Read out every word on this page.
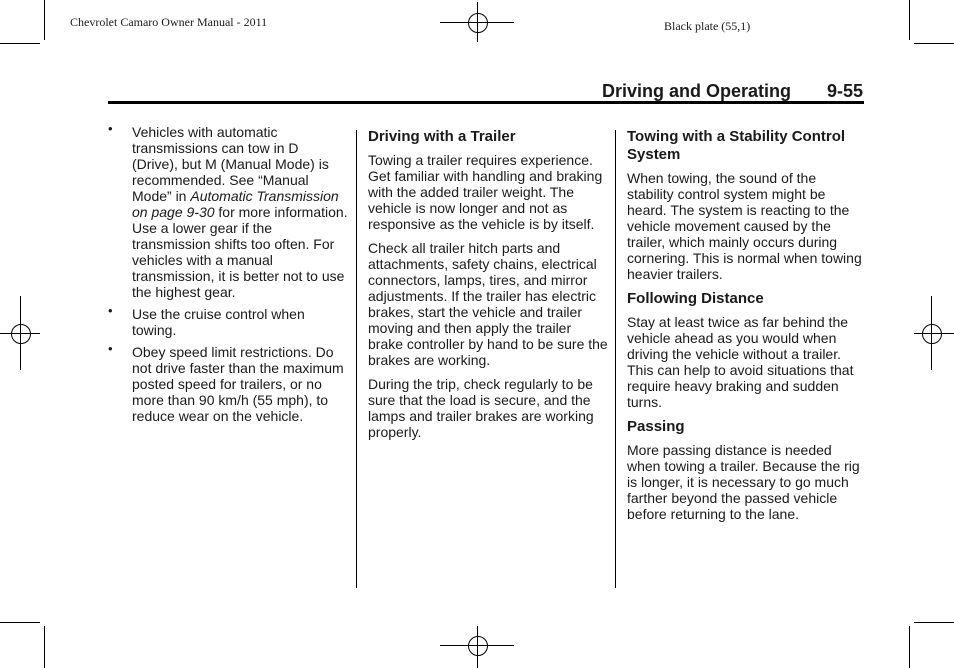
Chevrolet Camaro Owner Manual - 2011	Black plate (55,1)
Driving and Operating 9-55
• Vehicles with automatic transmissions can tow in D (Drive), but M (Manual Mode) is recommended. See “Manual Mode” in Automatic Transmission on page 9-30 for more information. Use a lower gear if the transmission shifts too often. For vehicles with a manual transmission, it is better not to use the highest gear.
• Use the cruise control when towing.
• Obey speed limit restrictions. Do not drive faster than the maximum posted speed for trailers, or no more than 90 km/h (55 mph), to reduce wear on the vehicle.
Driving with a Trailer

Towing a trailer requires experience. Get familiar with handling and braking with the added trailer weight. The vehicle is now longer and not as responsive as the vehicle is by itself.

Check all trailer hitch parts and attachments, safety chains, electrical connectors, lamps, tires, and mirror adjustments. If the trailer has electric brakes, start the vehicle and trailer moving and then apply the trailer brake controller by hand to be sure the brakes are working.

During the trip, check regularly to be sure that the load is secure, and the lamps and trailer brakes are working properly.

Towing with a Stability Control System

When towing, the sound of the stability control system might be heard. The system is reacting to the vehicle movement caused by the trailer, which mainly occurs during cornering. This is normal when towing heavier trailers.

Following Distance

Stay at least twice as far behind the vehicle ahead as you would when driving the vehicle without a trailer. This can help to avoid situations that require heavy braking and sudden turns.

Passing

More passing distance is needed when towing a trailer. Because the rig is longer, it is necessary to go much farther beyond the passed vehicle before returning to the lane.
